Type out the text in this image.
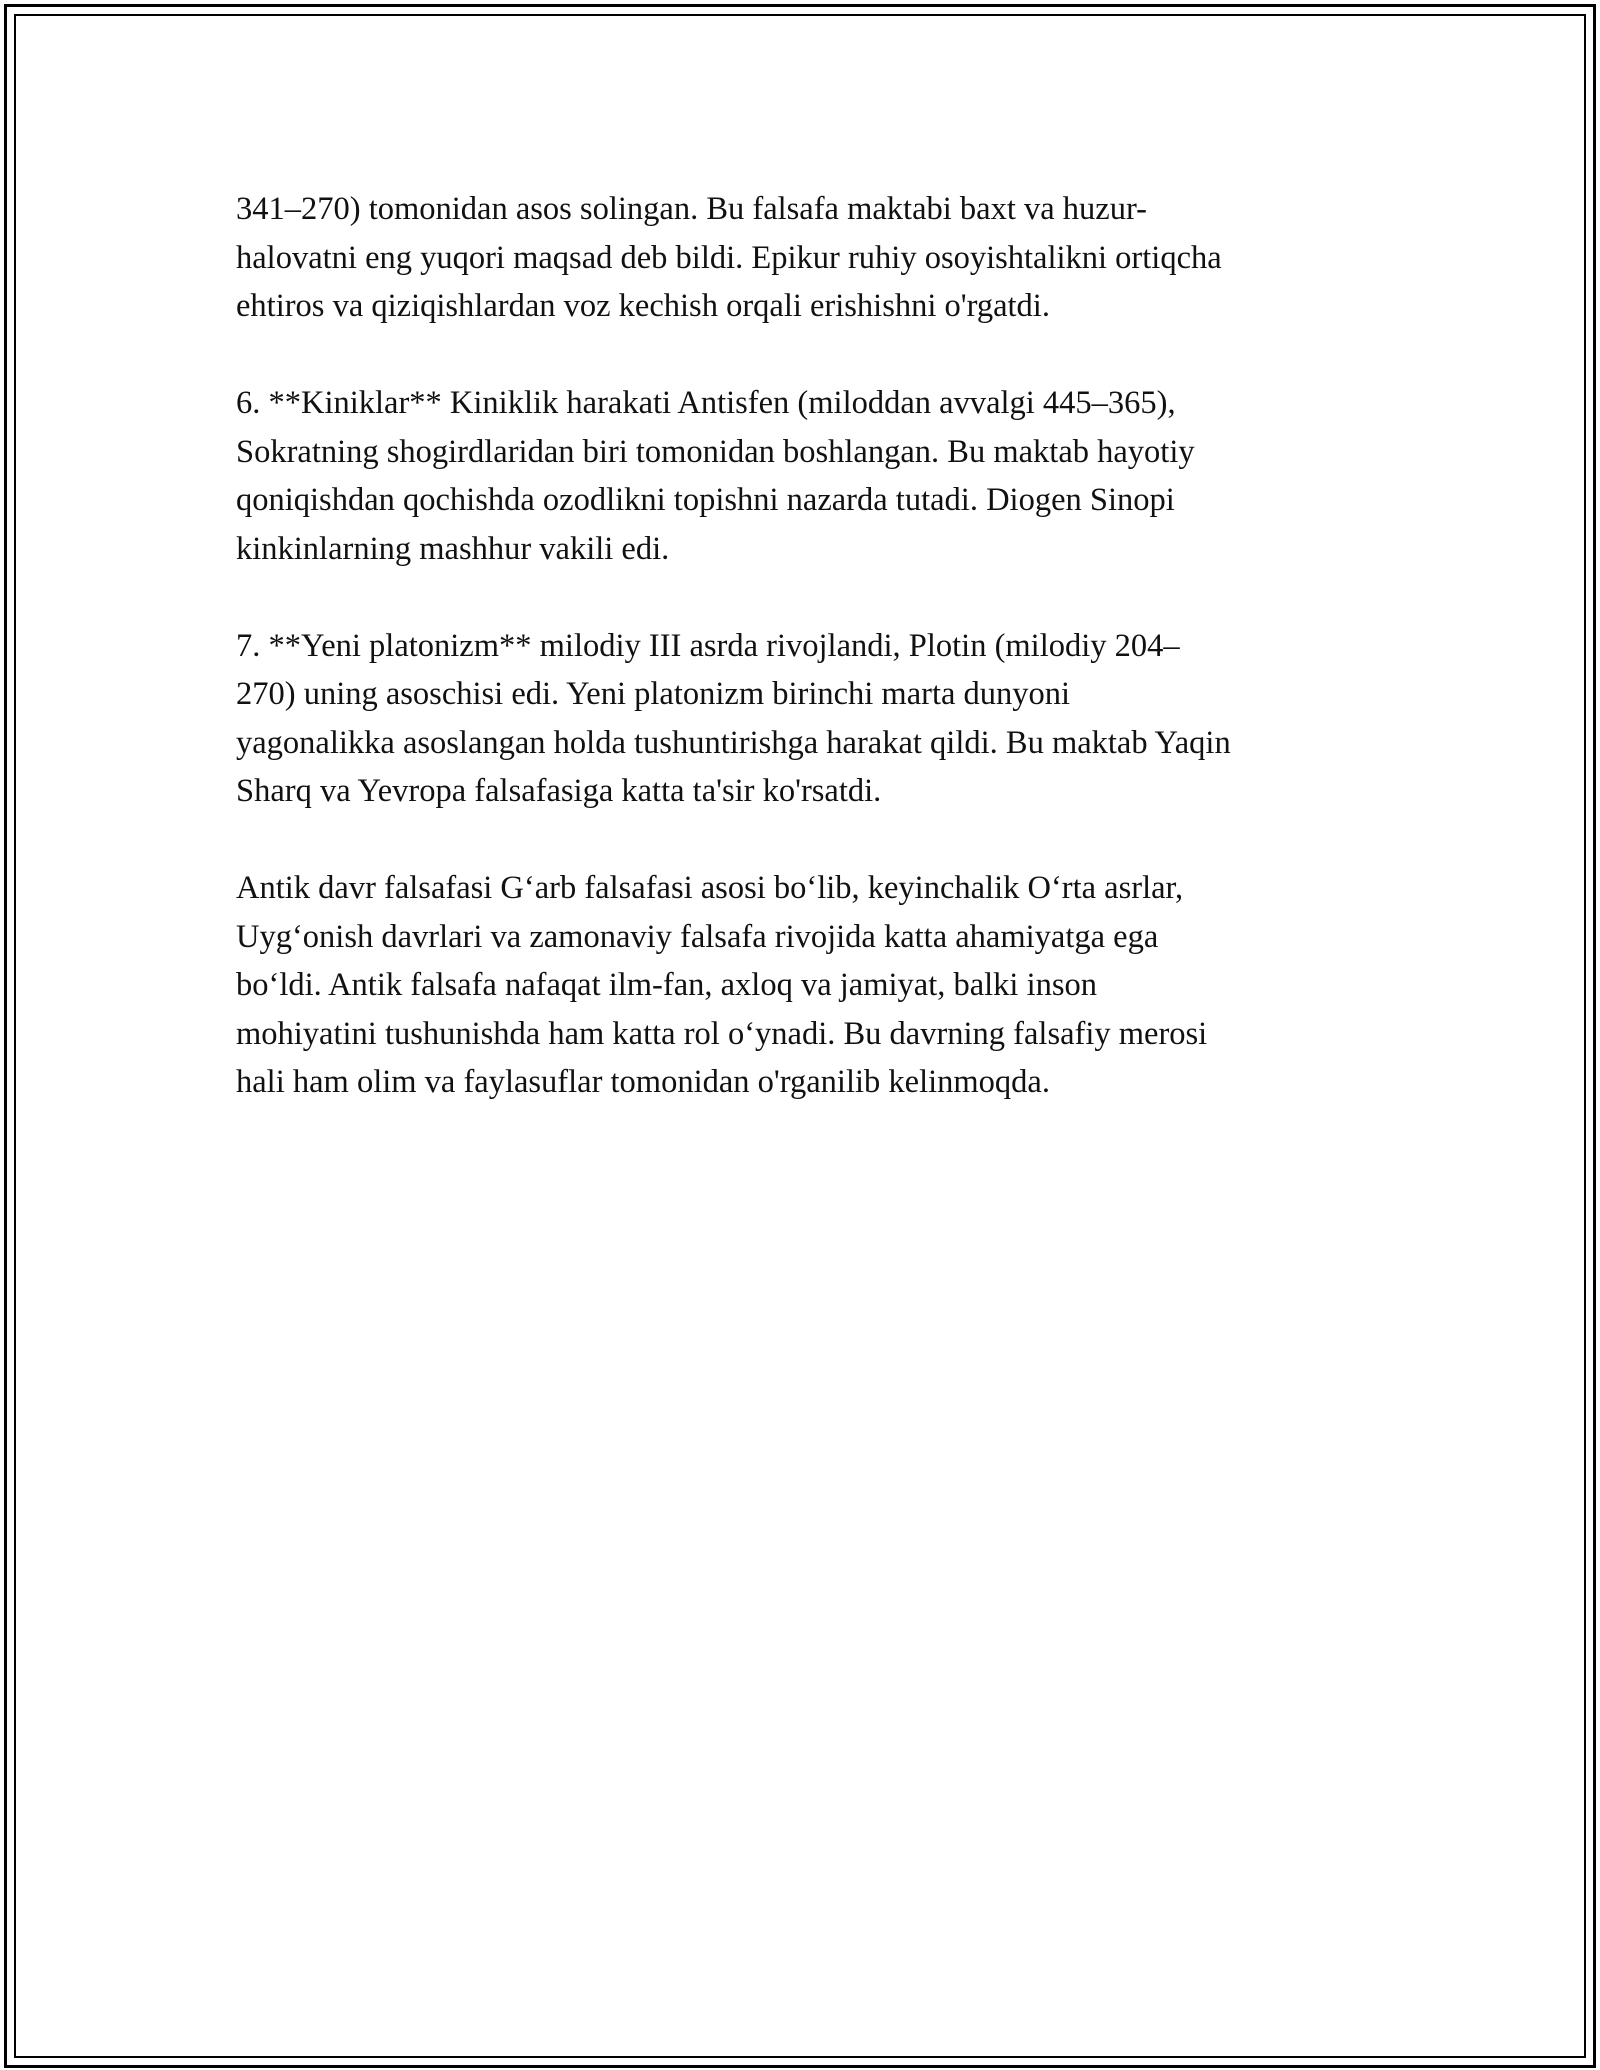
341–270) tomonidan asos solingan. Bu falsafa maktabi baxt va huzur-
halovatni eng yuqori maqsad deb bildi. Epikur ruhiy osoyishtalikni ortiqcha
ehtiros va qiziqishlardan voz kechish orqali erishishni o'rgatdi.

6. **Kiniklar** Kiniklik harakati Antisfen (miloddan avvalgi 445–365),
Sokratning shogirdlaridan biri tomonidan boshlangan. Bu maktab hayotiy
qoniqishdan qochishda ozodlikni topishni nazarda tutadi. Diogen Sinopi
kinkinlarning mashhur vakili edi.

7. **Yeni platonizm** milodiy III asrda rivojlandi, Plotin (milodiy 204–
270) uning asoschisi edi. Yeni platonizm birinchi marta dunyoni
yagonalikka asoslangan holda tushuntirishga harakat qildi. Bu maktab Yaqin
Sharq va Yevropa falsafasiga katta ta'sir ko'rsatdi.

Antik davr falsafasi G‘arb falsafasi asosi bo‘lib, keyinchalik O‘rta asrlar,
Uyg‘onish davrlari va zamonaviy falsafa rivojida katta ahamiyatga ega
bo‘ldi. Antik falsafa nafaqat ilm-fan, axloq va jamiyat, balki inson
mohiyatini tushunishda ham katta rol o‘ynadi. Bu davrning falsafiy merosi
hali ham olim va faylasuflar tomonidan o'rganilib kelinmoqda.
